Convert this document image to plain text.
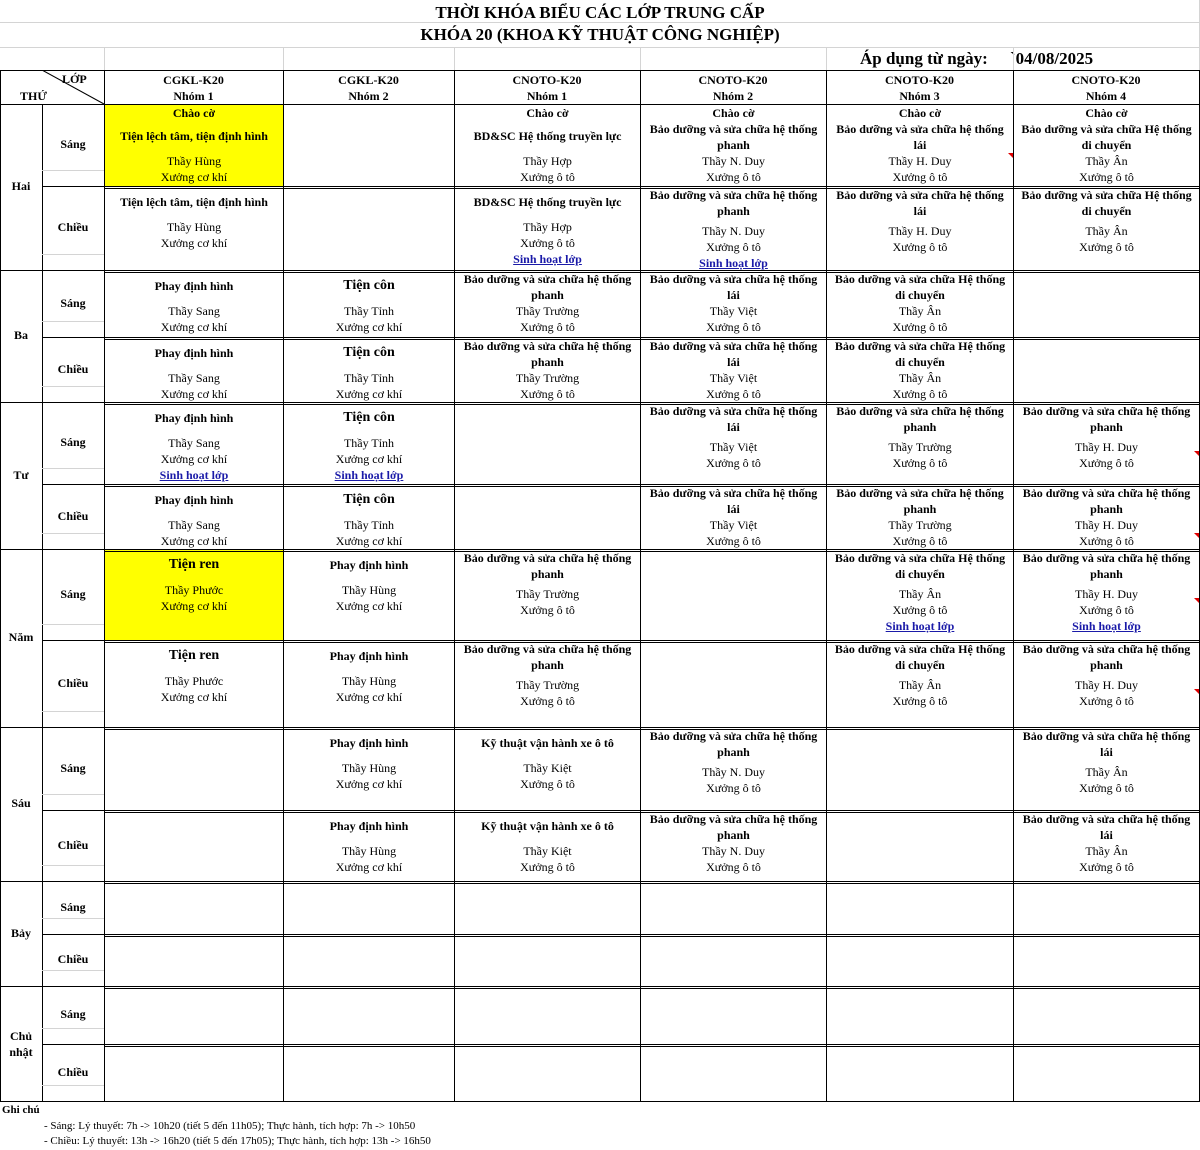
THỜI KHÓA BIỂU CÁC LỚP TRUNG CẤP
KHÓA 20 (KHOA KỸ THUẬT CÔNG NGHIỆP)
Áp dụng từ ngày: `04/08/2025
LỚP
THỨ
CGKL-K20
Nhóm 1
CGKL-K20
Nhóm 2
CNOTO-K20
Nhóm 1
CNOTO-K20
Nhóm 2
CNOTO-K20
Nhóm 3
CNOTO-K20
Nhóm 4
Hai
Sáng
Chiều
Ba
Sáng
Chiều
Tư
Sáng
Chiều
Năm
Sáng
Chiều
Sáu
Sáng
Chiều
Bảy
Sáng
Chiều
Chủ nhật
Sáng
Chiều
Chào cờ
Tiện lệch tâm, tiện định hình
Thầy Hùng
Xưởng cơ khí
Chào cờ
BD&SC Hệ thống truyền lực
Thầy Hợp
Xưởng ô tô
Chào cờ
Bảo dưỡng và sửa chữa hệ thống
phanh
Thầy N. Duy
Xưởng ô tô
Chào cờ
Bảo dưỡng và sửa chữa hệ thống
lái
Thầy H. Duy
Xưởng ô tô
Chào cờ
Bảo dưỡng và sửa chữa Hệ thống
di chuyển
Thầy Ân
Xưởng ô tô
Tiện lệch tâm, tiện định hình
Thầy Hùng
Xưởng cơ khí
BD&SC Hệ thống truyền lực
Thầy Hợp
Xưởng ô tô
Sinh hoạt lớp
Bảo dưỡng và sửa chữa hệ thống
phanh
Thầy N. Duy
Xưởng ô tô
Sinh hoạt lớp
Bảo dưỡng và sửa chữa hệ thống
lái
Thầy H. Duy
Xưởng ô tô
Bảo dưỡng và sửa chữa Hệ thống
di chuyển
Thầy Ân
Xưởng ô tô
Phay định hình
Thầy Sang
Xưởng cơ khí
Tiện côn
Thầy Tỉnh
Xưởng cơ khí
Bảo dưỡng và sửa chữa hệ thống
phanh
Thầy Trường
Xưởng ô tô
Bảo dưỡng và sửa chữa hệ thống
lái
Thầy Việt
Xưởng ô tô
Bảo dưỡng và sửa chữa Hệ thống
di chuyển
Thầy Ân
Xưởng ô tô
Phay định hình
Thầy Sang
Xưởng cơ khí
Tiện côn
Thầy Tỉnh
Xưởng cơ khí
Bảo dưỡng và sửa chữa hệ thống
phanh
Thầy Trường
Xưởng ô tô
Bảo dưỡng và sửa chữa hệ thống
lái
Thầy Việt
Xưởng ô tô
Bảo dưỡng và sửa chữa Hệ thống
di chuyển
Thầy Ân
Xưởng ô tô
Phay định hình
Thầy Sang
Xưởng cơ khí
Sinh hoạt lớp
Tiện côn
Thầy Tỉnh
Xưởng cơ khí
Sinh hoạt lớp
Bảo dưỡng và sửa chữa hệ thống
lái
Thầy Việt
Xưởng ô tô
Bảo dưỡng và sửa chữa hệ thống
phanh
Thầy Trường
Xưởng ô tô
Bảo dưỡng và sửa chữa hệ thống
phanh
Thầy H. Duy
Xưởng ô tô
Phay định hình
Thầy Sang
Xưởng cơ khí
Tiện côn
Thầy Tỉnh
Xưởng cơ khí
Bảo dưỡng và sửa chữa hệ thống
lái
Thầy Việt
Xưởng ô tô
Bảo dưỡng và sửa chữa hệ thống
phanh
Thầy Trường
Xưởng ô tô
Bảo dưỡng và sửa chữa hệ thống
phanh
Thầy H. Duy
Xưởng ô tô
Tiện ren
Thầy Phước
Xưởng cơ khí
Phay định hình
Thầy Hùng
Xưởng cơ khí
Bảo dưỡng và sửa chữa hệ thống
phanh
Thầy Trường
Xưởng ô tô
Bảo dưỡng và sửa chữa Hệ thống
di chuyển
Thầy Ân
Xưởng ô tô
Sinh hoạt lớp
Bảo dưỡng và sửa chữa hệ thống
phanh
Thầy H. Duy
Xưởng ô tô
Sinh hoạt lớp
Tiện ren
Thầy Phước
Xưởng cơ khí
Phay định hình
Thầy Hùng
Xưởng cơ khí
Bảo dưỡng và sửa chữa hệ thống
phanh
Thầy Trường
Xưởng ô tô
Bảo dưỡng và sửa chữa Hệ thống
di chuyển
Thầy Ân
Xưởng ô tô
Bảo dưỡng và sửa chữa hệ thống
phanh
Thầy H. Duy
Xưởng ô tô
Phay định hình
Thầy Hùng
Xưởng cơ khí
Kỹ thuật vận hành xe ô tô
Thầy Kiệt
Xưởng ô tô
Bảo dưỡng và sửa chữa hệ thống
phanh
Thầy N. Duy
Xưởng ô tô
Bảo dưỡng và sửa chữa hệ thống
lái
Thầy Ân
Xưởng ô tô
Phay định hình
Thầy Hùng
Xưởng cơ khí
Kỹ thuật vận hành xe ô tô
Thầy Kiệt
Xưởng ô tô
Bảo dưỡng và sửa chữa hệ thống
phanh
Thầy N. Duy
Xưởng ô tô
Bảo dưỡng và sửa chữa hệ thống
lái
Thầy Ân
Xưởng ô tô
Ghi chú
- Sáng: Lý thuyết: 7h -> 10h20 (tiết 5 đến 11h05); Thực hành, tích hợp: 7h -> 10h50
- Chiều: Lý thuyết: 13h -> 16h20 (tiết 5 đến 17h05); Thực hành, tích hợp: 13h -> 16h50
